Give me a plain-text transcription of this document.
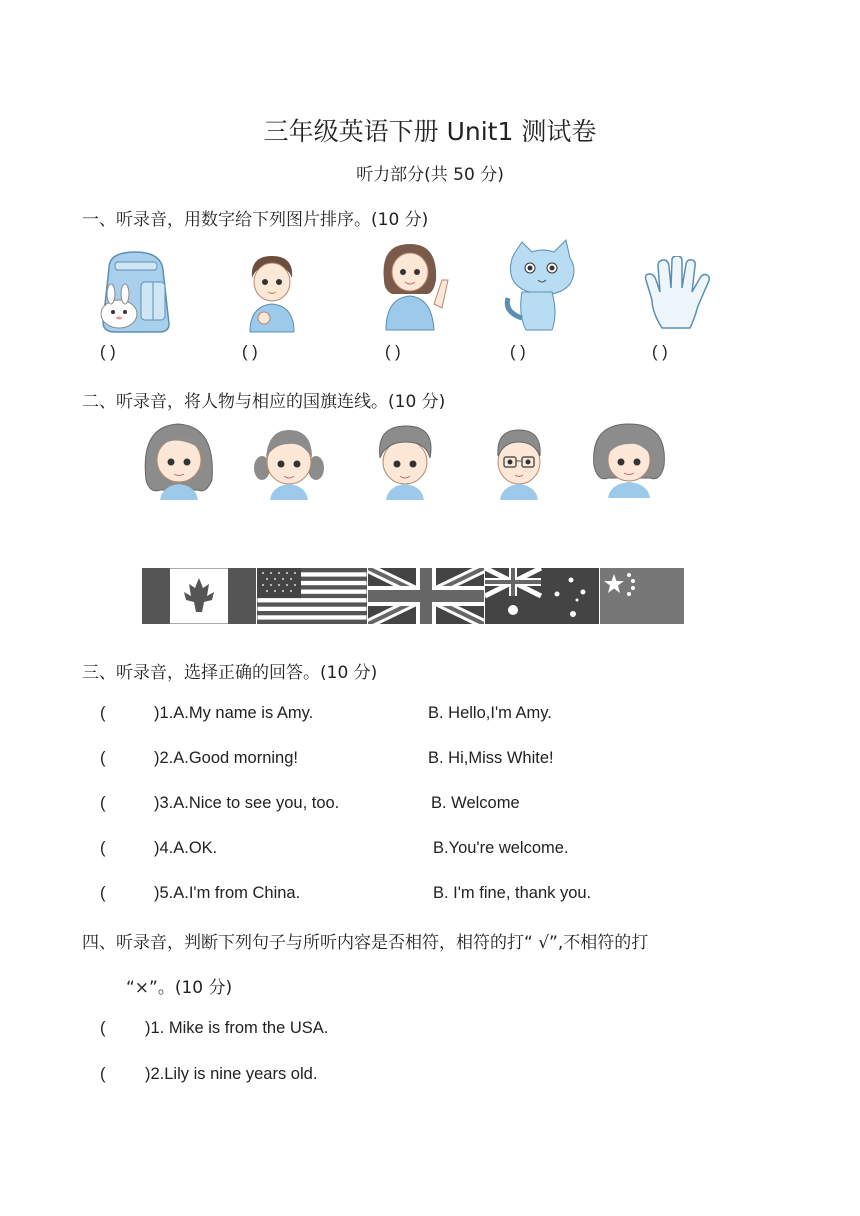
三年级英语下册 Unit1 测试卷
听力部分(共 50 分)
一、听录音，用数字给下列图片排序。(10 分)
( )	( )	( )	( )	( )
二、听录音，将人物与相应的国旗连线。(10 分)
三、听录音，选择正确的回答。(10 分)
(	)1.A.My name is Amy.	B. Hello,I'm Amy.
(	)2.A.Good morning!	B. Hi,Miss White!
(	)3.A.Nice to see you, too.	B. Welcome
(	)4.A.OK.	B.You're welcome.
(	)5.A.I'm from China.	B. I'm fine, thank you.
四、听录音，判断下列句子与所听内容是否相符，相符的打“ √”,不相符的打
“×”。(10 分)
( )1. Mike is from the USA.
( )2.Lily is nine years old.
